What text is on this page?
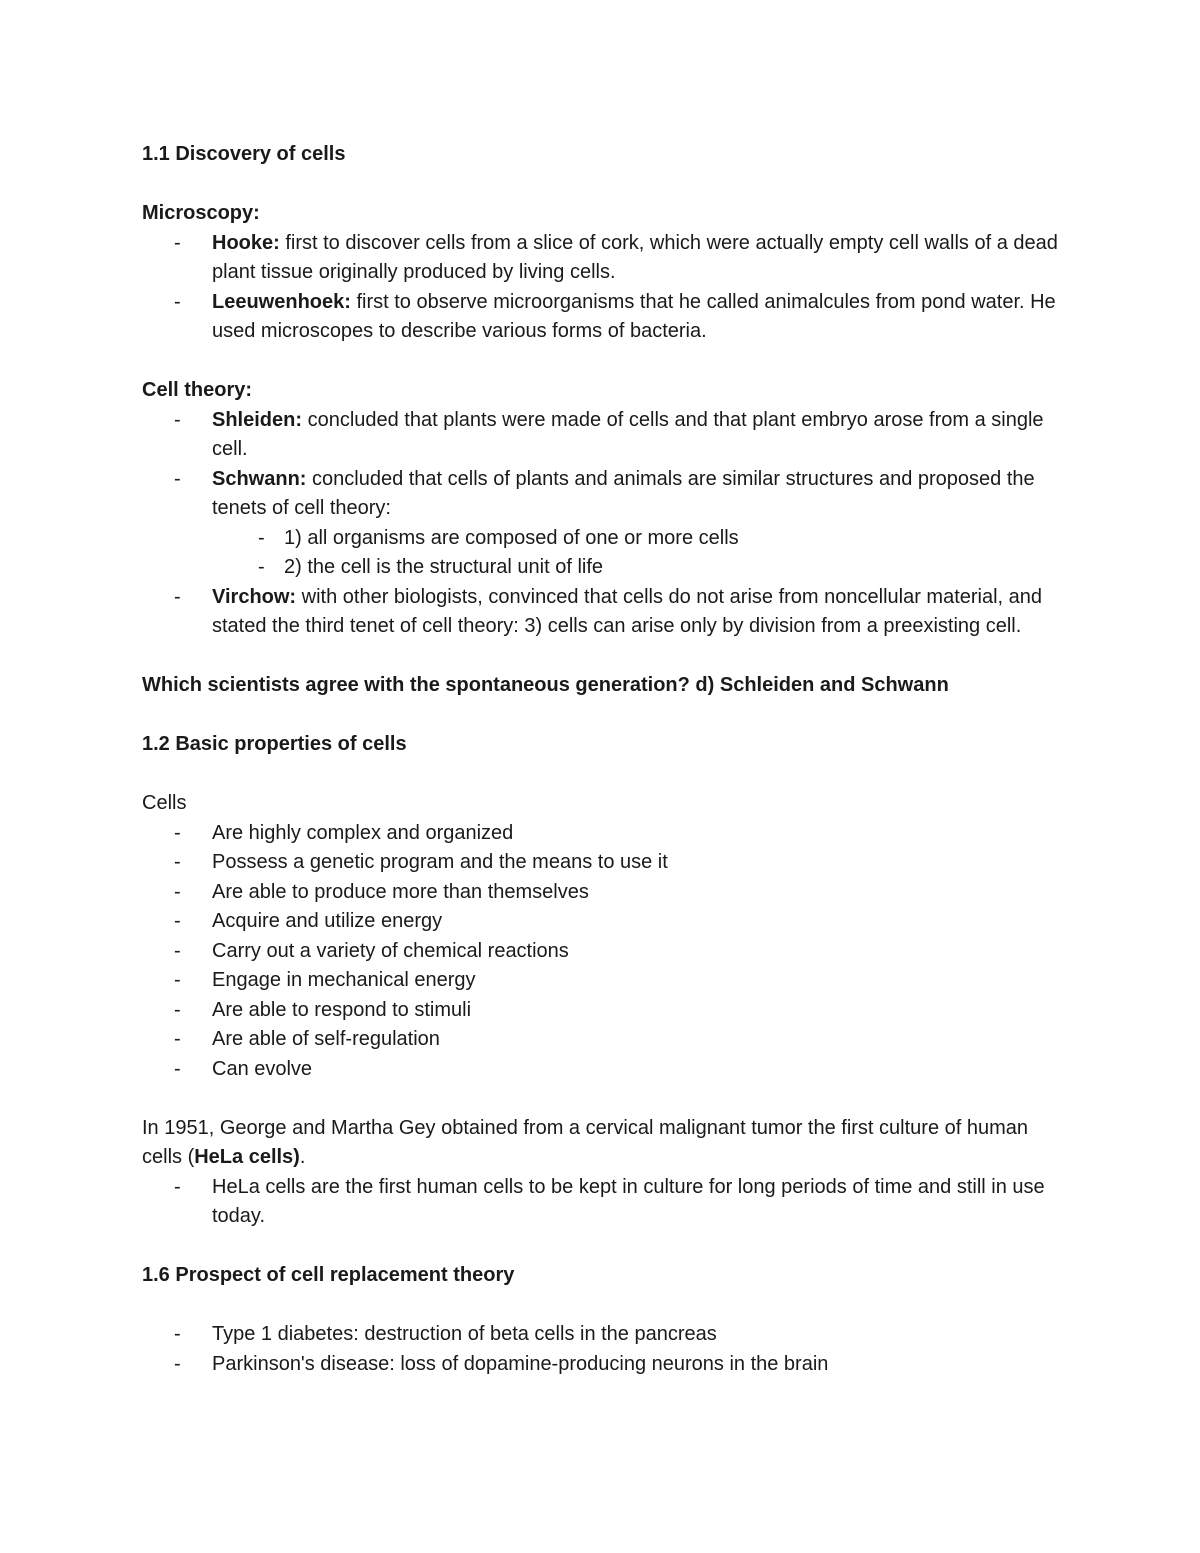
1.1 Discovery of cells

Microscopy:

- Hooke: first to discover cells from a slice of cork, which were actually empty cell walls of a dead plant tissue originally produced by living cells.
- Leeuwenhoek: first to observe microorganisms that he called animalcules from pond water. He used microscopes to describe various forms of bacteria.

Cell theory:

- Shleiden: concluded that plants were made of cells and that plant embryo arose from a single cell.
- Schwann: concluded that cells of plants and animals are similar structures and proposed the tenets of cell theory:
- 1) all organisms are composed of one or more cells
- 2) the cell is the structural unit of life
- Virchow: with other biologists, convinced that cells do not arise from noncellular material, and stated the third tenet of cell theory: 3) cells can arise only by division from a preexisting cell.

Which scientists agree with the spontaneous generation? d) Schleiden and Schwann

1.2 Basic properties of cells

Cells

- Are highly complex and organized
- Possess a genetic program and the means to use it
- Are able to produce more than themselves
- Acquire and utilize energy
- Carry out a variety of chemical reactions
- Engage in mechanical energy
- Are able to respond to stimuli
- Are able of self-regulation
- Can evolve

In 1951, George and Martha Gey obtained from a cervical malignant tumor the first culture of human cells (HeLa cells).

- HeLa cells are the first human cells to be kept in culture for long periods of time and still in use today.

1.6 Prospect of cell replacement theory

- Type 1 diabetes: destruction of beta cells in the pancreas
- Parkinson's disease: loss of dopamine-producing neurons in the brain
